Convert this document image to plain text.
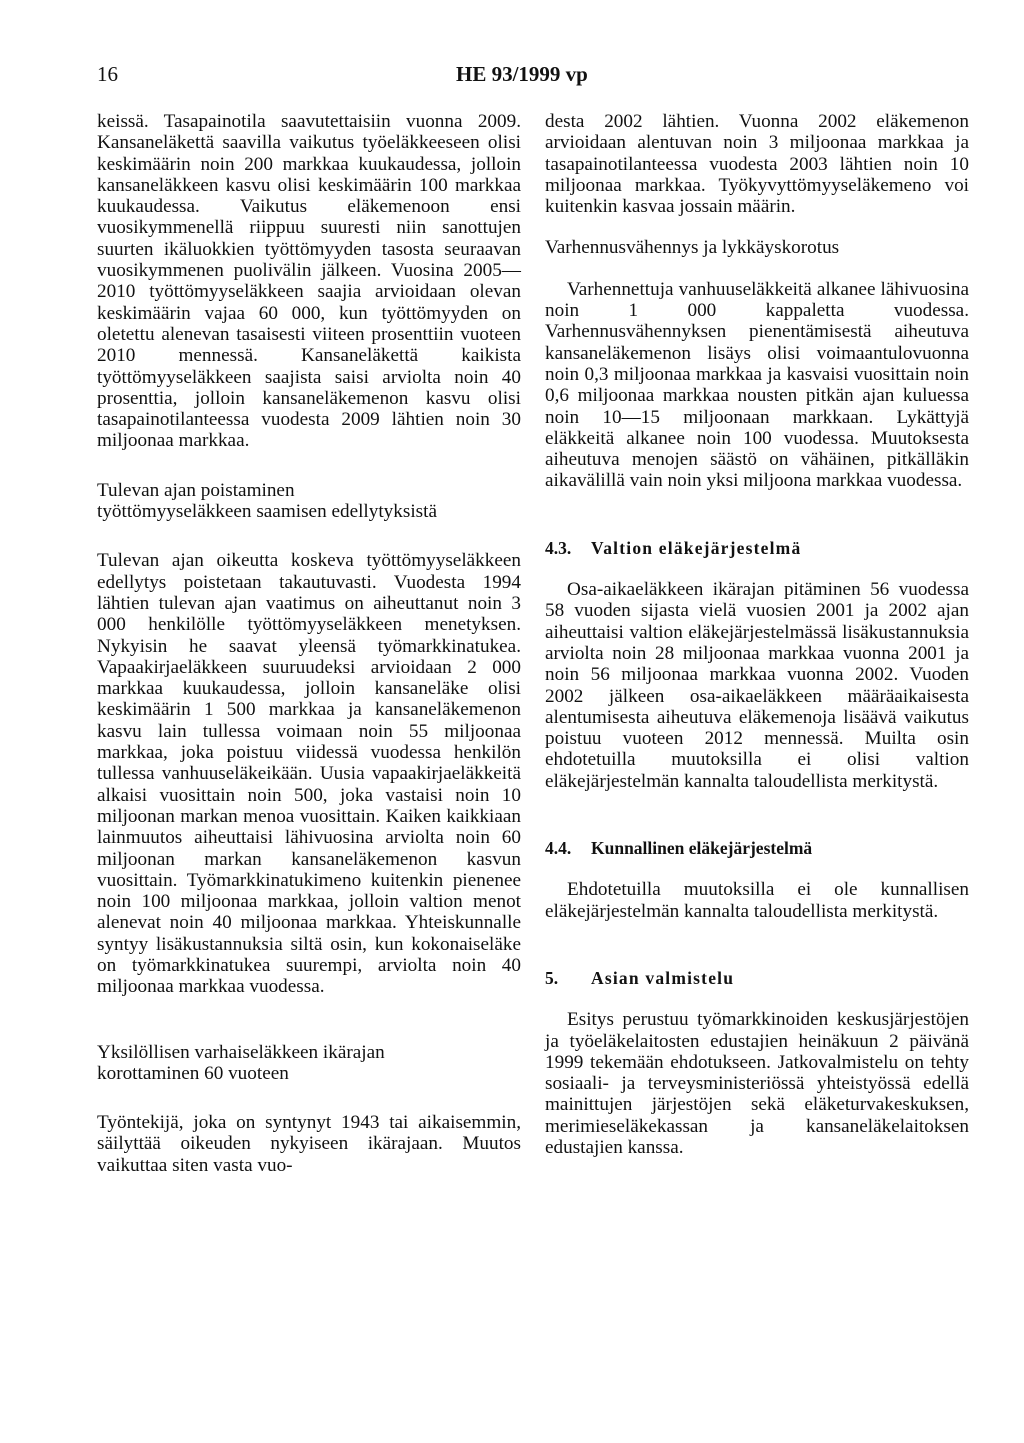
16	HE 93/1999 vp

keissä. Tasapainotila saavutettaisiin vuonna 2009. Kansaneläkettä saavilla vaikutus työeläkkeeseen olisi keskimäärin noin 200 markkaa kuukaudessa, jolloin kansaneläkkeen kasvu olisi keskimäärin 100 markkaa kuukaudessa. Vaikutus eläkemenoon ensi vuosikymmenellä riippuu suuresti niin sanottujen suurten ikäluokkien työttömyyden tasosta seuraavan vuosikymmenen puolivälin jälkeen. Vuosina 2005—2010 työttömyyseläkkeen saajia arvioidaan olevan keskimäärin vajaa 60 000, kun työttömyyden on oletettu alenevan tasaisesti viiteen prosenttiin vuoteen 2010 mennessä. Kansaneläkettä kaikista työttömyyseläkkeen saajista saisi arviolta noin 40 prosenttia, jolloin kansaneläkemenon kasvu olisi tasapainotilanteessa vuodesta 2009 lähtien noin 30 miljoonaa markkaa.

Tulevan ajan poistaminen
työttömyyseläkkeen saamisen edellytyksistä

Tulevan ajan oikeutta koskeva työttömyyseläkkeen edellytys poistetaan takautuvasti. Vuodesta 1994 lähtien tulevan ajan vaatimus on aiheuttanut noin 3 000 henkilölle työttömyyseläkkeen menetyksen. Nykyisin he saavat yleensä työmarkkinatukea. Vapaakirjaeläkkeen suuruudeksi arvioidaan 2 000 markkaa kuukaudessa, jolloin kansaneläke olisi keskimäärin 1 500 markkaa ja kansaneläkemenon kasvu lain tullessa voimaan noin 55 miljoonaa markkaa, joka poistuu viidessä vuodessa henkilön tullessa vanhuuseläkeikään. Uusia vapaakirjaeläkkeitä alkaisi vuosittain noin 500, joka vastaisi noin 10 miljoonan markan menoa vuosittain. Kaiken kaikkiaan lainmuutos aiheuttaisi lähivuosina arviolta noin 60 miljoonan markan kansaneläkemenon kasvun vuosittain. Työmarkkinatukimeno kuitenkin pienenee noin 100 miljoonaa markkaa, jolloin valtion menot alenevat noin 40 miljoonaa markkaa. Yhteiskunnalle syntyy lisäkustannuksia siltä osin, kun kokonaiseläke on työmarkkinatukea suurempi, arviolta noin 40 miljoonaa markkaa vuodessa.

Yksilöllisen varhaiseläkkeen ikärajan
korottaminen 60 vuoteen

Työntekijä, joka on syntynyt 1943 tai aikaisemmin, säilyttää oikeuden nykyiseen ikärajaan. Muutos vaikuttaa siten vasta vuo-

desta 2002 lähtien. Vuonna 2002 eläkemenon arvioidaan alentuvan noin 3 miljoonaa markkaa ja tasapainotilanteessa vuodesta 2003 lähtien noin 10 miljoonaa markkaa. Työkyvyttömyyseläkemeno voi kuitenkin kasvaa jossain määrin.

Varhennusvähennys ja lykkäyskorotus

Varhennettuja vanhuuseläkkeitä alkanee lähivuosina noin 1 000 kappaletta vuodessa. Varhennusvähennyksen pienentämisestä aiheutuva kansaneläkemenon lisäys olisi voimaantulovuonna noin 0,3 miljoonaa markkaa ja kasvaisi vuosittain noin 0,6 miljoonaa markkaa nousten pitkän ajan kuluessa noin 10—15 miljoonaan markkaan. Lykättyjä eläkkeitä alkanee noin 100 vuodessa. Muutoksesta aiheutuva menojen säästö on vähäinen, pitkälläkin aikavälillä vain noin yksi miljoona markkaa vuodessa.

4.3.	Valtion eläkejärjestelmä

Osa-aikaeläkkeen ikärajan pitäminen 56 vuodessa 58 vuoden sijasta vielä vuosien 2001 ja 2002 ajan aiheuttaisi valtion eläkejärjestelmässä lisäkustannuksia arviolta noin 28 miljoonaa markkaa vuonna 2001 ja noin 56 miljoonaa markkaa vuonna 2002. Vuoden 2002 jälkeen osa-aikaeläkkeen määräaikaisesta alentumisesta aiheutuva eläkemenoja lisäävä vaikutus poistuu vuoteen 2012 mennessä. Muilta osin ehdotetuilla muutoksilla ei olisi valtion eläkejärjestelmän kannalta taloudellista merkitystä.

4.4.	Kunnallinen eläkejärjestelmä

Ehdotetuilla muutoksilla ei ole kunnallisen eläkejärjestelmän kannalta taloudellista merkitystä.

5.	Asian valmistelu

Esitys perustuu työmarkkinoiden keskusjärjestöjen ja työeläkelaitosten edustajien heinäkuun 2 päivänä 1999 tekemään ehdotukseen. Jatkovalmistelu on tehty sosiaali- ja terveysministeriössä yhteistyössä edellä mainittujen järjestöjen sekä eläketurvakeskuksen, merimieseläkekassan ja kansaneläkelaitoksen edustajien kanssa.
